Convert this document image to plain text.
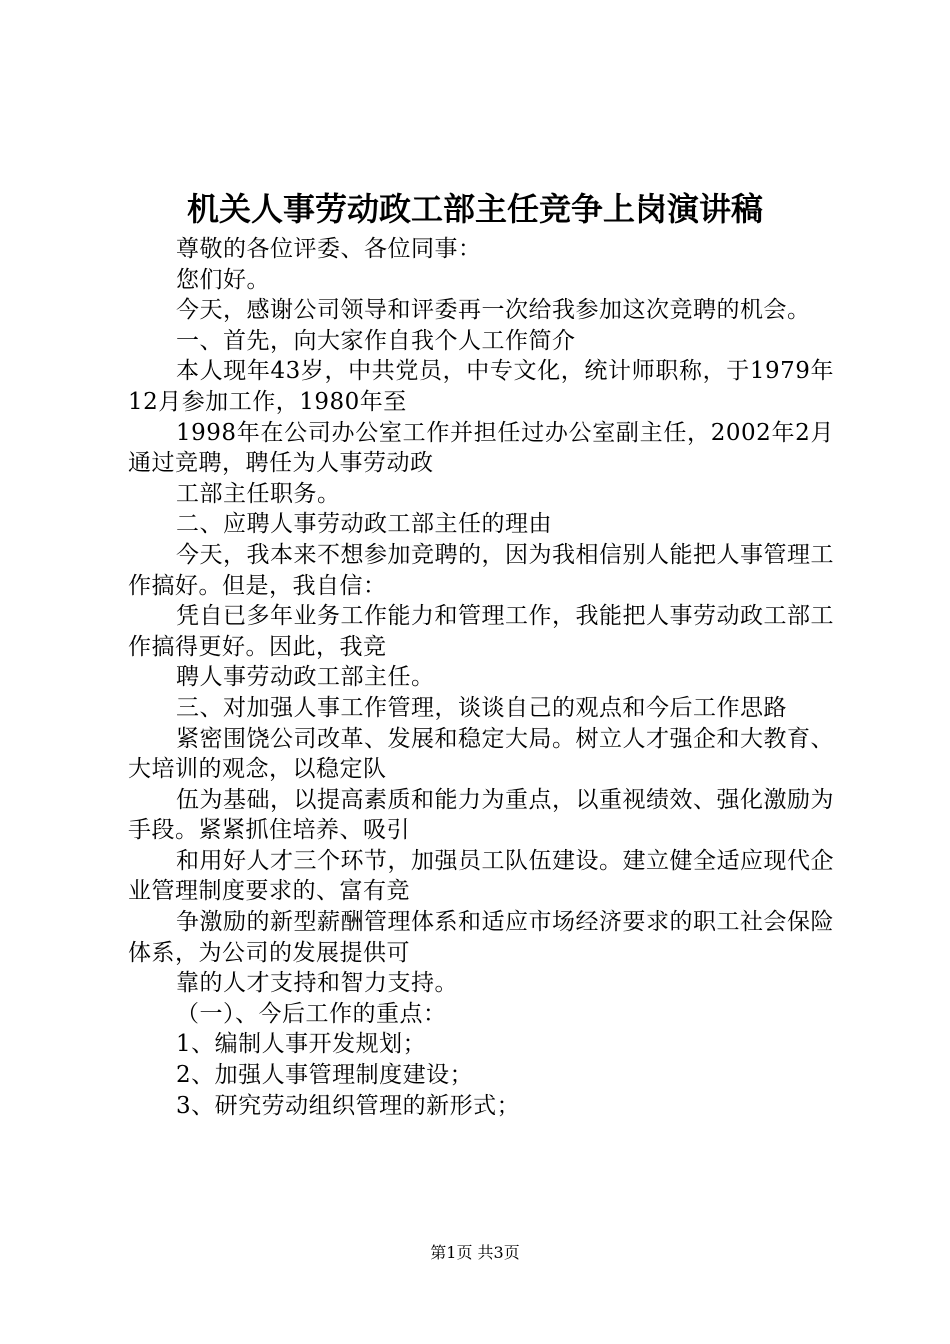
机关人事劳动政工部主任竞争上岗演讲稿

尊敬的各位评委、各位同事：

您们好。

今天，感谢公司领导和评委再一次给我参加这次竞聘的机会。

一、首先，向大家作自我个人工作简介

本人现年43岁，中共党员，中专文化，统计师职称，于1979年12月参加工作，1980年至

1998年在公司办公室工作并担任过办公室副主任，2002年2月通过竞聘，聘任为人事劳动政

工部主任职务。

二、应聘人事劳动政工部主任的理由

今天，我本来不想参加竞聘的，因为我相信别人能把人事管理工作搞好。但是，我自信：

凭自已多年业务工作能力和管理工作，我能把人事劳动政工部工作搞得更好。因此，我竞

聘人事劳动政工部主任。

三、对加强人事工作管理，谈谈自己的观点和今后工作思路

紧密围饶公司改革、发展和稳定大局。树立人才强企和大教育、大培训的观念，以稳定队

伍为基础，以提高素质和能力为重点，以重视绩效、强化激励为手段。紧紧抓住培养、吸引

和用好人才三个环节，加强员工队伍建设。建立健全适应现代企业管理制度要求的、富有竞

争激励的新型薪酬管理体系和适应市场经济要求的职工社会保险体系，为公司的发展提供可

靠的人才支持和智力支持。

（一）、今后工作的重点：

1、编制人事开发规划；

2、加强人事管理制度建设；

3、研究劳动组织管理的新形式；

第1页 共3页
